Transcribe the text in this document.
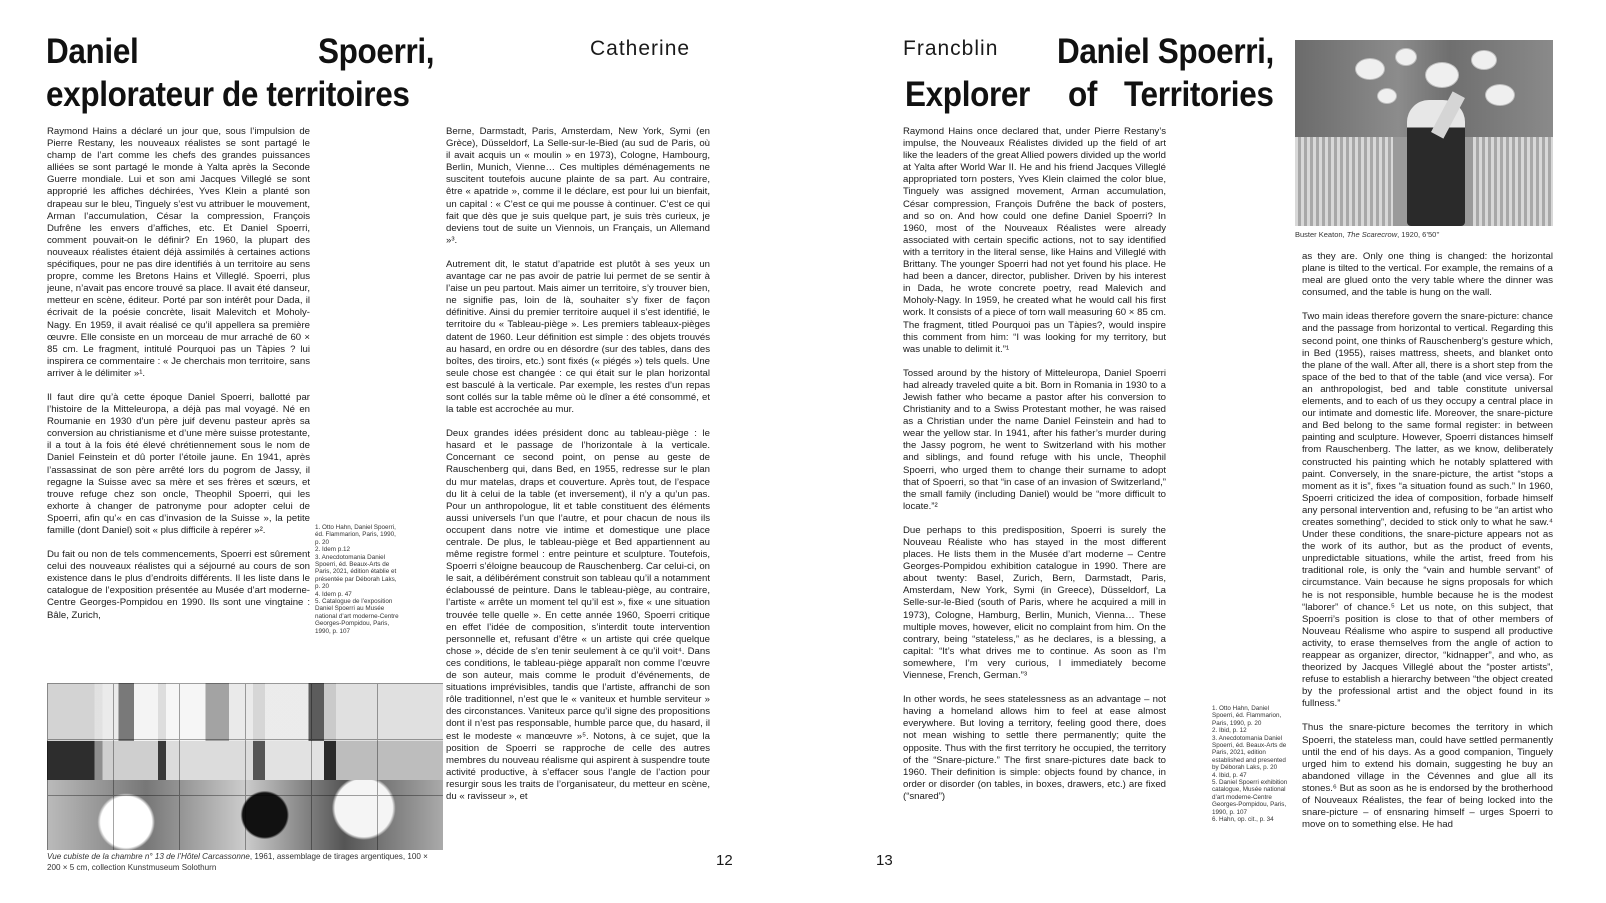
Daniel	Spoerri,
explorateur de territoires
Catherine

Raymond Hains a déclaré un jour que, sous l’impulsion de Pierre Restany, les nouveaux réalistes se sont partagé le champ de l’art comme les chefs des grandes puissances alliées se sont partagé le monde à Yalta après la Seconde Guerre mondiale. Lui et son ami Jacques Villeglé se sont approprié les affiches déchirées, Yves Klein a planté son drapeau sur le bleu, Tinguely s’est vu attribuer le mouvement, Arman l’accumulation, César la compression, François Dufrêne les envers d’affiches, etc. Et Daniel Spoerri, comment pouvait-on le définir? En 1960, la plupart des nouveaux réalistes étaient déjà assimilés à certaines actions spécifiques, pour ne pas dire identifiés à un territoire au sens propre, comme les Bretons Hains et Villeglé. Spoerri, plus jeune, n’avait pas encore trouvé sa place. Il avait été danseur, metteur en scène, éditeur. Porté par son intérêt pour Dada, il écrivait de la poésie concrète, lisait Malevitch et Moholy-Nagy. En 1959, il avait réalisé ce qu’il appellera sa première œuvre. Elle consiste en un morceau de mur arraché de 60 × 85 cm. Le fragment, intitulé Pourquoi pas un Tàpies ? lui inspirera ce commentaire : « Je cherchais mon territoire, sans arriver à le délimiter »¹.

Il faut dire qu’à cette époque Daniel Spoerri, ballotté par l’histoire de la Mitteleuropa, a déjà pas mal voyagé. Né en Roumanie en 1930 d’un père juif devenu pasteur après sa conversion au christianisme et d’une mère suisse protestante, il a tout à la fois été élevé chrétiennement sous le nom de Daniel Feinstein et dû porter l’étoile jaune. En 1941, après l’assassinat de son père arrêté lors du pogrom de Jassy, il regagne la Suisse avec sa mère et ses frères et sœurs, et trouve refuge chez son oncle, Theophil Spoerri, qui les exhorte à changer de patronyme pour adopter celui de Spoerri, afin qu’« en cas d’invasion de la Suisse », la petite famille (dont Daniel) soit « plus difficile à repérer »².

Du fait ou non de tels commencements, Spoerri est sûrement celui des nouveaux réalistes qui a séjourné au cours de son existence dans le plus d’endroits différents. Il les liste dans le catalogue de l’exposition présentée au Musée d’art moderne-Centre Georges-Pompidou en 1990. Ils sont une vingtaine : Bâle, Zurich,

1. Otto Hahn, Daniel Spoerri, éd. Flammarion, Paris, 1990, p. 20
2. Idem p.12
3. Anecdotomania Daniel Spoerri, éd. Beaux-Arts de Paris, 2021, édition établie et présentée par Déborah Laks, p. 20
4. Idem p. 47
5. Catalogue de l’exposition Daniel Spoerri au Musée national d’art moderne-Centre Georges-Pompidou, Paris, 1990, p. 107

Berne, Darmstadt, Paris, Amsterdam, New York, Symi (en Grèce), Düsseldorf, La Selle-sur-le-Bied (au sud de Paris, où il avait acquis un « moulin » en 1973), Cologne, Hambourg, Berlin, Munich, Vienne… Ces multiples déménagements ne suscitent toutefois aucune plainte de sa part. Au contraire, être « apatride », comme il le déclare, est pour lui un bienfait, un capital : « C’est ce qui me pousse à continuer. C’est ce qui fait que dès que je suis quelque part, je suis très curieux, je deviens tout de suite un Viennois, un Français, un Allemand »³.

Autrement dit, le statut d’apatride est plutôt à ses yeux un avantage car ne pas avoir de patrie lui permet de se sentir à l’aise un peu partout. Mais aimer un territoire, s’y trouver bien, ne signifie pas, loin de là, souhaiter s’y fixer de façon définitive. Ainsi du premier territoire auquel il s’est identifié, le territoire du « Tableau-piège ». Les premiers tableaux-pièges datent de 1960. Leur définition est simple : des objets trouvés au hasard, en ordre ou en désordre (sur des tables, dans des boîtes, des tiroirs, etc.) sont fixés (« piégés ») tels quels. Une seule chose est changée : ce qui était sur le plan horizontal est basculé à la verticale. Par exemple, les restes d’un repas sont collés sur la table même où le dîner a été consommé, et la table est accrochée au mur.

Deux grandes idées président donc au tableau-piège : le hasard et le passage de l’horizontale à la verticale. Concernant ce second point, on pense au geste de Rauschenberg qui, dans Bed, en 1955, redresse sur le plan du mur matelas, draps et couverture. Après tout, de l’espace du lit à celui de la table (et inversement), il n’y a qu’un pas. Pour un anthropologue, lit et table constituent des éléments aussi universels l’un que l’autre, et pour chacun de nous ils occupent dans notre vie intime et domestique une place centrale. De plus, le tableau-piège et Bed appartiennent au même registre formel : entre peinture et sculpture. Toutefois, Spoerri s’éloigne beaucoup de Rauschenberg. Car celui-ci, on le sait, a délibérément construit son tableau qu’il a notamment éclaboussé de peinture. Dans le tableau-piège, au contraire, l’artiste « arrête un moment tel qu’il est », fixe « une situation trouvée telle quelle ». En cette année 1960, Spoerri critique en effet l’idée de composition, s’interdit toute intervention personnelle et, refusant d’être « un artiste qui crée quelque chose », décide de s’en tenir seulement à ce qu’il voit⁴. Dans ces conditions, le tableau-piège apparaît non comme l’œuvre de son auteur, mais comme le produit d’événements, de situations imprévisibles, tandis que l’artiste, affranchi de son rôle traditionnel, n’est que le « vaniteux et humble serviteur » des circonstances. Vaniteux parce qu’il signe des propositions dont il n’est pas responsable, humble parce que, du hasard, il est le modeste « manœuvre »⁵. Notons, à ce sujet, que la position de Spoerri se rapproche de celle des autres membres du nouveau réalisme qui aspirent à suspendre toute activité productive, à s’effacer sous l’angle de l’action pour resurgir sous les traits de l’organisateur, du metteur en scène, du « ravisseur », et

Vue cubiste de la chambre n° 13 de l’Hôtel Carcassonne, 1961, assemblage de tirages argentiques, 100 × 200 × 5 cm, collection Kunstmuseum Solothurn	12
Francblin Daniel Spoerri,
Explorer of Territories

Raymond Hains once declared that, under Pierre Restany’s impulse, the Nouveaux Réalistes divided up the field of art like the leaders of the great Allied powers divided up the world at Yalta after World War II. He and his friend Jacques Villeglé appropriated torn posters, Yves Klein claimed the color blue, Tinguely was assigned movement, Arman accumulation, César compression, François Dufrêne the back of posters, and so on. And how could one define Daniel Spoerri? In 1960, most of the Nouveaux Réalistes were already associated with certain specific actions, not to say identified with a territory in the literal sense, like Hains and Villeglé with Brittany. The younger Spoerri had not yet found his place. He had been a dancer, director, publisher. Driven by his interest in Dada, he wrote concrete poetry, read Malevich and Moholy-Nagy. In 1959, he created what he would call his first work. It consists of a piece of torn wall measuring 60 × 85 cm. The fragment, titled Pourquoi pas un Tàpies?, would inspire this comment from him: “I was looking for my territory, but was unable to delimit it.”¹

Tossed around by the history of Mitteleuropa, Daniel Spoerri had already traveled quite a bit. Born in Romania in 1930 to a Jewish father who became a pastor after his conversion to Christianity and to a Swiss Protestant mother, he was raised as a Christian under the name Daniel Feinstein and had to wear the yellow star. In 1941, after his father’s murder during the Jassy pogrom, he went to Switzerland with his mother and siblings, and found refuge with his uncle, Theophil Spoerri, who urged them to change their surname to adopt that of Spoerri, so that “in case of an invasion of Switzerland,” the small family (including Daniel) would be “more difficult to locate.”²

Due perhaps to this predisposition, Spoerri is surely the Nouveau Réaliste who has stayed in the most different places. He lists them in the Musée d’art moderne – Centre Georges-Pompidou exhibition catalogue in 1990. There are about twenty: Basel, Zurich, Bern, Darmstadt, Paris, Amsterdam, New York, Symi (in Greece), Düsseldorf, La Selle-sur-le-Bied (south of Paris, where he acquired a mill in 1973), Cologne, Hamburg, Berlin, Munich, Vienna… These multiple moves, however, elicit no complaint from him. On the contrary, being “stateless,” as he declares, is a blessing, a capital: “It’s what drives me to continue. As soon as I’m somewhere, I’m very curious, I immediately become Viennese, French, German.”³

In other words, he sees statelessness as an advantage – not having a homeland allows him to feel at ease almost everywhere. But loving a territory, feeling good there, does not mean wishing to settle there permanently; quite the opposite. Thus with the first territory he occupied, the territory of the “Snare-picture.” The first snare-pictures date back to 1960. Their definition is simple: objects found by chance, in order or disorder (on tables, in boxes, drawers, etc.) are fixed (“snared”)

1. Otto Hahn, Daniel Spoerri, éd. Flammarion, Paris, 1990, p. 20
2. Ibid, p. 12
3. Anecdotomania Daniel Spoerri, éd. Beaux-Arts de Paris, 2021, edition established and presented by Déborah Laks, p. 20
4. Ibid, p. 47
5. Daniel Spoerri exhibition catalogue, Musée national d’art moderne-Centre Georges-Pompidou, Paris, 1990, p. 107
6. Hahn, op. cit., p. 34
Buster Keaton, The Scarecrow, 1920, 6’50’’

as they are. Only one thing is changed: the horizontal plane is tilted to the vertical. For example, the remains of a meal are glued onto the very table where the dinner was consumed, and the table is hung on the wall.

Two main ideas therefore govern the snare-picture: chance and the passage from horizontal to vertical. Regarding this second point, one thinks of Rauschenberg’s gesture which, in Bed (1955), raises mattress, sheets, and blanket onto the plane of the wall. After all, there is a short step from the space of the bed to that of the table (and vice versa). For an anthropologist, bed and table constitute universal elements, and to each of us they occupy a central place in our intimate and domestic life. Moreover, the snare-picture and Bed belong to the same formal register: in between painting and sculpture. However, Spoerri distances himself from Rauschenberg. The latter, as we know, deliberately constructed his painting which he notably splattered with paint. Conversely, in the snare-picture, the artist “stops a moment as it is”, fixes “a situation found as such.” In 1960, Spoerri criticized the idea of composition, forbade himself any personal intervention and, refusing to be “an artist who creates something”, decided to stick only to what he saw.⁴ Under these conditions, the snare-picture appears not as the work of its author, but as the product of events, unpredictable situations, while the artist, freed from his traditional role, is only the “vain and humble servant” of circumstance. Vain because he signs proposals for which he is not responsible, humble because he is the modest “laborer” of chance.⁵ Let us note, on this subject, that Spoerri’s position is close to that of other members of Nouveau Réalisme who aspire to suspend all productive activity, to erase themselves from the angle of action to reappear as organizer, director, “kidnapper”, and who, as theorized by Jacques Villeglé about the “poster artists”, refuse to establish a hierarchy between “the object created by the professional artist and the object found in its fullness.”

Thus the snare-picture becomes the territory in which Spoerri, the stateless man, could have settled permanently until the end of his days. As a good companion, Tinguely urged him to extend his domain, suggesting he buy an abandoned village in the Cévennes and glue all its stones.⁶ But as soon as he is endorsed by the brotherhood of Nouveaux Réalistes, the fear of being locked into the snare-picture – of ensnaring himself – urges Spoerri to move on to something else. He had

13
